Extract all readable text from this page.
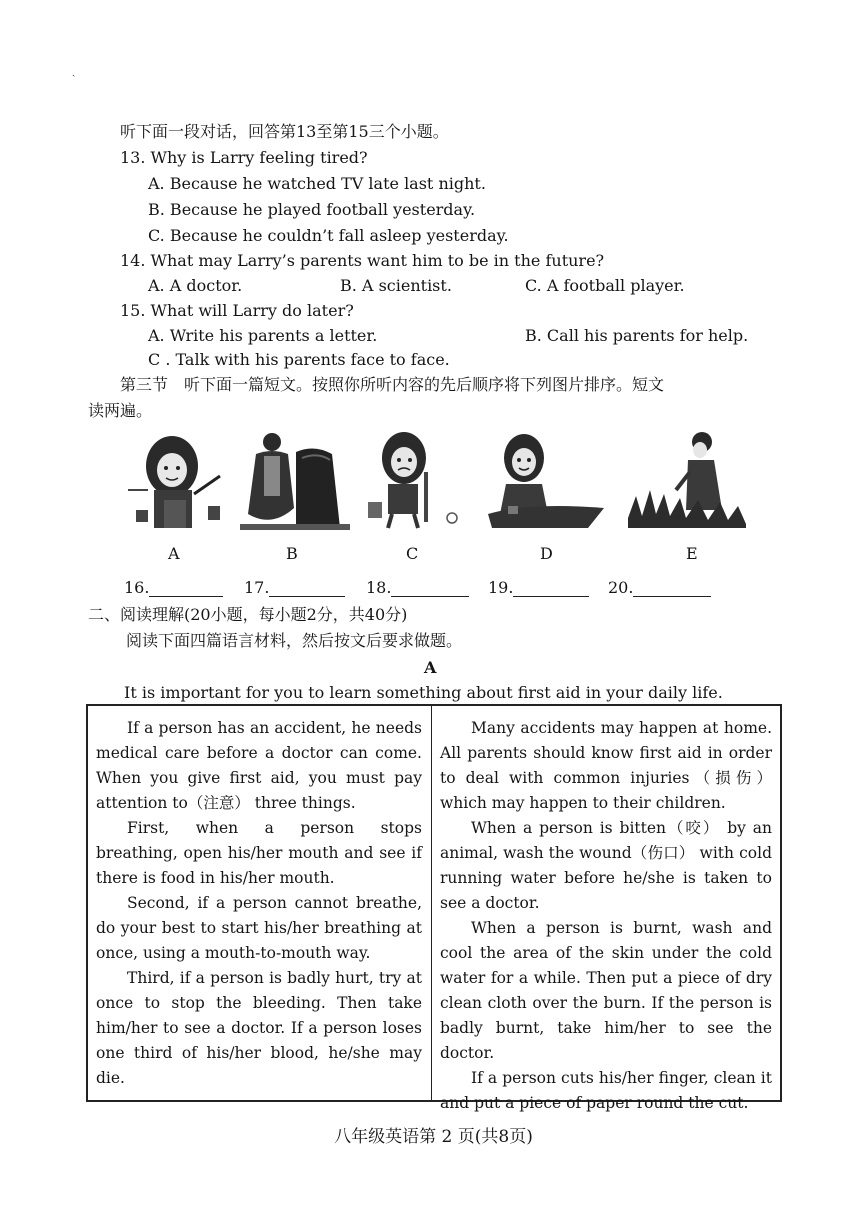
ˎ
听下面一段对话，回答第13至第15三个小题。
13. Why is Larry feeling tired?
A. Because he watched TV late last night.
B. Because he played football yesterday.
C. Because he couldn’t fall asleep yesterday.
14. What may Larry’s parents want him to be in the future?
A. A doctor.	B. A scientist.	C. A football player.
15. What will Larry do later?
A. Write his parents a letter.	B. Call his parents for help.
C . Talk with his parents face to face.
第三节　听下面一篇短文。按照你所听内容的先后顺序将下列图片排序。短文
读两遍。
A	B	C	D	E
16.	17.	18.	19.	20.
二、阅读理解(20小题，每小题2分，共40分)
阅读下面四篇语言材料，然后按文后要求做题。
A
It is important for you to learn something about first aid in your daily life.

If a person has an accident, he needs medical care before a doctor can come. When you give first aid, you must pay attention to（注意） three things.

First, when a person stops breathing, open his/her mouth and see if there is food in his/her mouth.

Second, if a person cannot breathe, do your best to start his/her breathing at once, using a mouth-to-mouth way.

Third, if a person is badly hurt, try at once to stop the bleeding. Then take him/her to see a doctor. If a person loses one third of his/her blood, he/she may die.

Many accidents may happen at home. All parents should know first aid in order to deal with common injuries（损伤） which may happen to their children.

When a person is bitten（咬） by an animal, wash the wound（伤口） with cold running water before he/she is taken to see a doctor.

When a person is burnt, wash and cool the area of the skin under the cold water for a while. Then put a piece of dry clean cloth over the burn. If the person is badly burnt, take him/her to see the doctor.

If a person cuts his/her finger, clean it and put a piece of paper round the cut.

八年级英语第 2 页(共8页)
